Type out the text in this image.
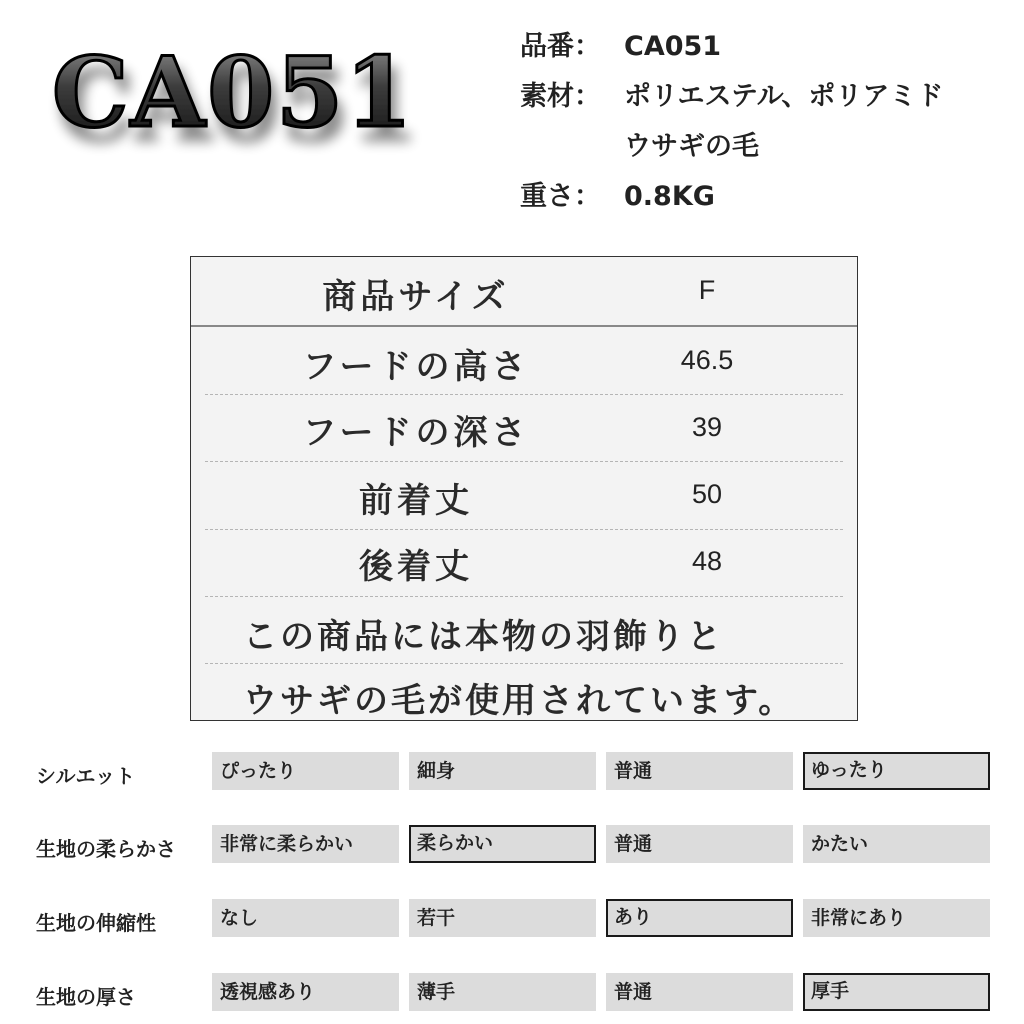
CA051	品番： CA051
素材： ポリエステル、ポリアミド
ウサギの毛
重さ： 0.8KG
商品サイズ	F
フードの高さ	46.5
フードの深さ	39
前着丈	50
後着丈	48
この商品には本物の羽飾りと
ウサギの毛が使用されています。
シルエット	ぴったり	細身	普通	ゆったり
生地の柔らかさ	非常に柔らかい	柔らかい	普通	かたい
生地の伸縮性	なし	若干	あり	非常にあり
生地の厚さ	透視感あり	薄手	普通	厚手
